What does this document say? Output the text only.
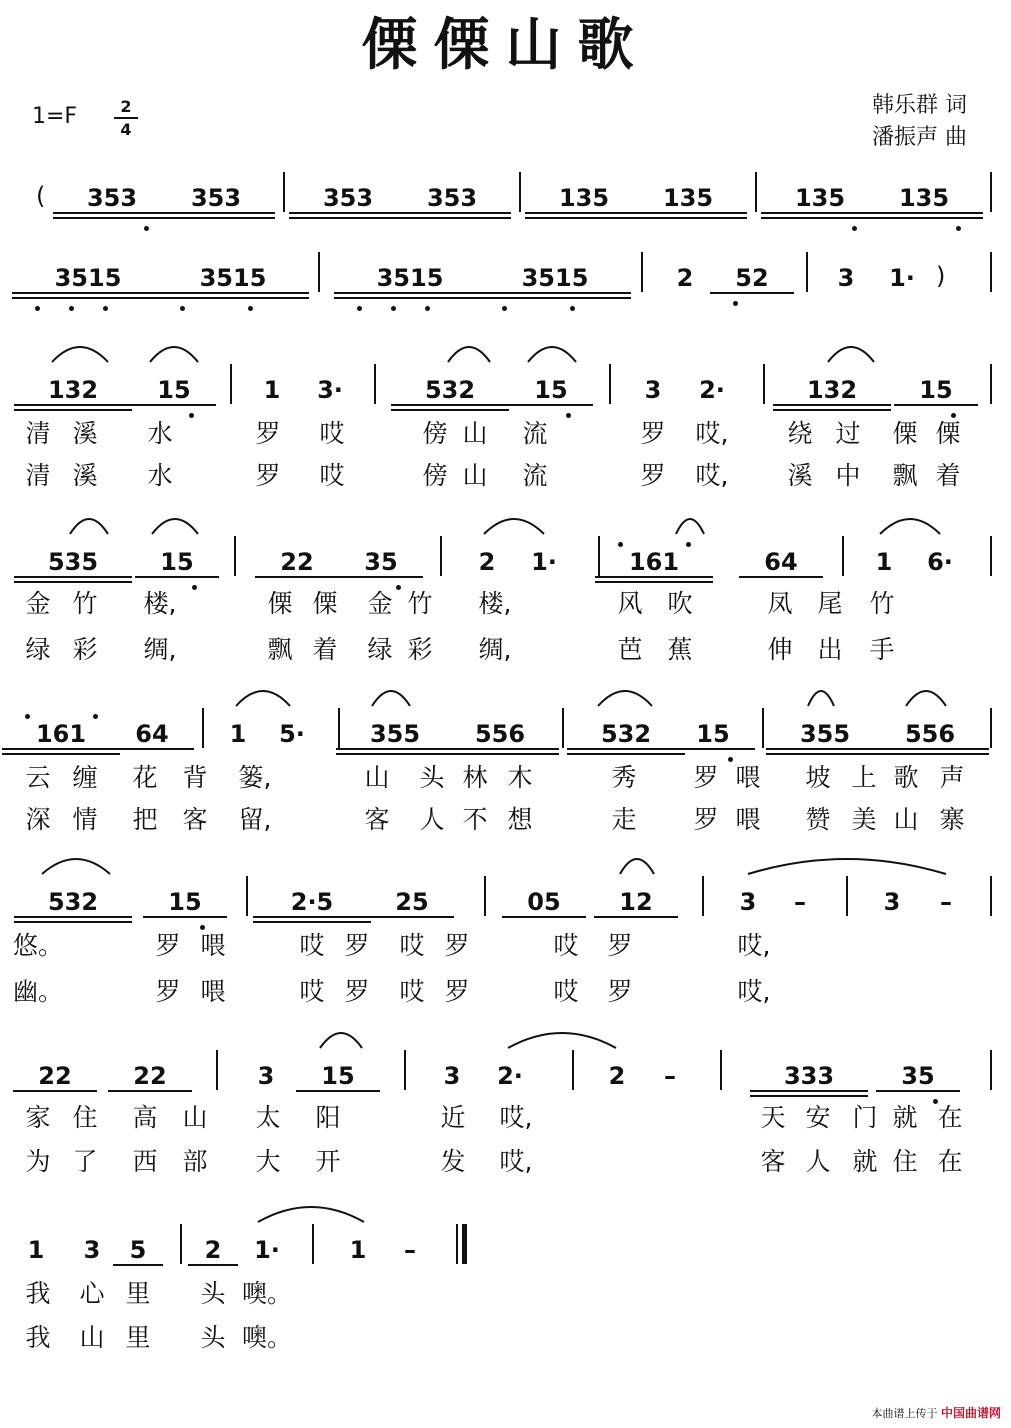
傈傈山歌
1=F	2
4
韩乐群 词
潘振声 曲
(
)
353 353	353 353	135 135	135 135
3515	3515	3515	3515	2 52	3 1·
132 15	1 3·	532 15	3 2·	132	15
535	15	22 35	2 1·	161	64	1 6·
161 64	1 5·	355 556	532 15	355 556
532	15	2·5	25	05 12	3 –	3 –
22	22	3 15	3 2·	2 –	333	35
1 3 5 2 1·	1 –
清 溪 水	罗 哎	傍 山 流	罗 哎, 绕 过 傈 傈
金 竹 楼,	傈 傈 金 竹 楼,	风 吹	凤 尾 竹
云 缠 花 背 篓,	山 头 林 木	秀 罗 喂 坡 上 歌 声
悠。	罗 喂	哎 罗 哎 罗	哎 罗	哎,
家 住 高 山 太 阳	近 哎,	天 安 门 就 在
我 心 里 头 噢。
清 溪 水	罗 哎	傍 山 流	罗 哎, 溪 中 飘 着
绿 彩 绸,	飘 着 绿 彩 绸,	芭 蕉	伸 出 手
深 情 把 客 留,	客 人 不 想	走 罗 喂 赞 美 山 寨
幽。	罗 喂	哎 罗 哎 罗	哎 罗	哎,
为 了 西 部 大 开	发 哎,	客 人 就 住 在
我 山 里 头 噢。
本曲谱上传于 中国曲谱网
